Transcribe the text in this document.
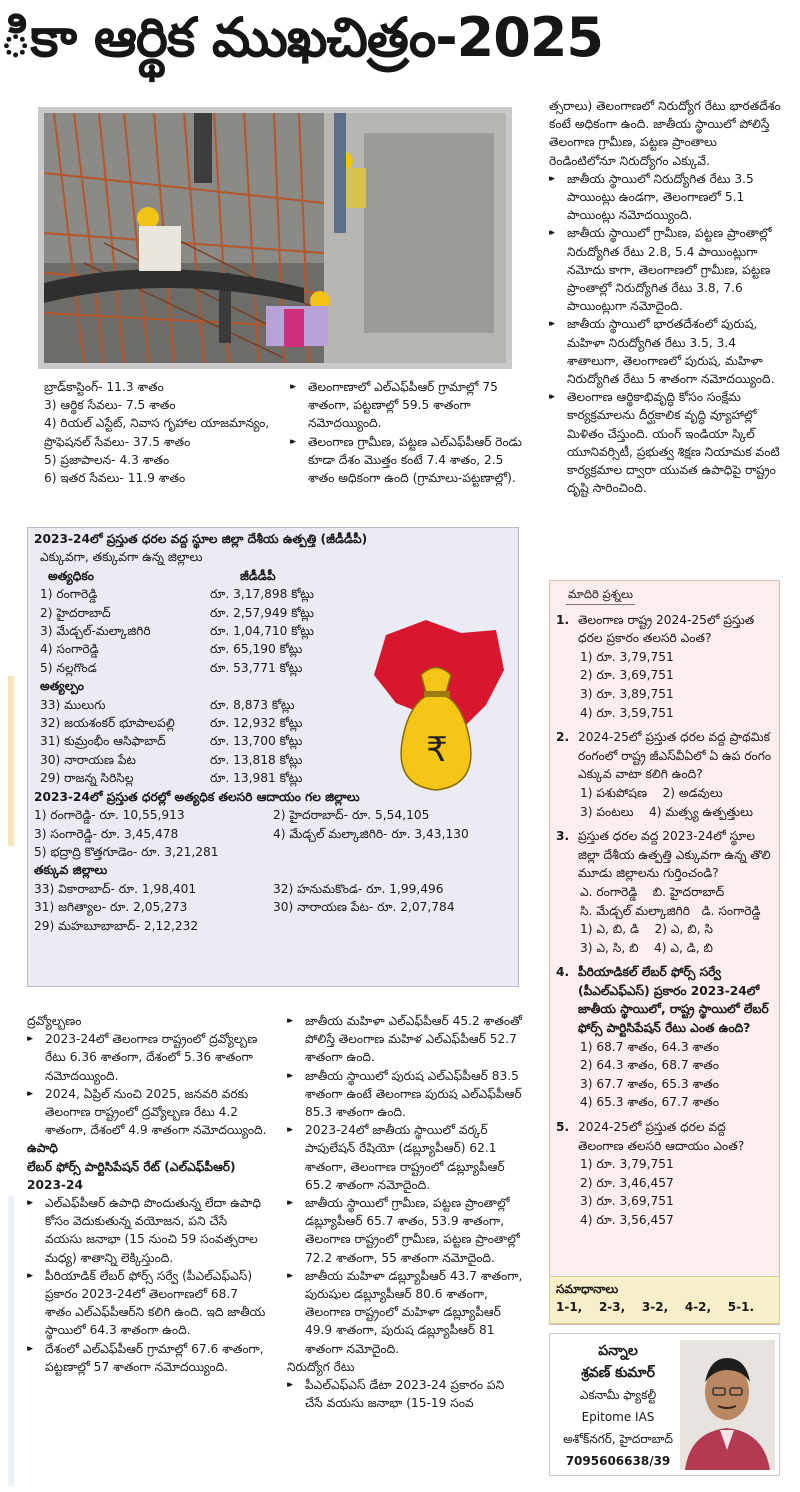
ికా ఆర్థిక ముఖచిత్రం-2025

బ్రాడ్‌కాస్టింగ్- 11.3 శాతం

3) ఆర్థిక సేవలు- 7.5 శాతం

4) రియల్ ఎస్టేట్, నివాస గృహాల యాజమాన్యం, ప్రొఫెషనల్ సేవలు- 37.5 శాతం

5) ప్రజాపాలన- 4.3 శాతం

6) ఇతర సేవలు- 11.9 శాతం

▸▸ తెలంగాణాలో ఎల్ఎఫ్‌పీఆర్ గ్రామాల్లో 75 శాతంగా, పట్టణాల్లో 59.5 శాతంగా నమోదయ్యింది.

▸▸ తెలంగాణ గ్రామీణ, పట్టణ ఎల్ఎఫ్‌పీఆర్ రెండు కూడా దేశం మొత్తం కంటే 7.4 శాతం, 2.5 శాతం అధికంగా ఉంది (గ్రామాలు-పట్టణాల్లో).

త్సరాలు) తెలంగాణలో నిరుద్యోగ రేటు భారతదేశం కంటే అధికంగా ఉంది. జాతీయ స్థాయిలో పోలిస్తే తెలంగాణ గ్రామీణ, పట్టణ ప్రాంతాలు రెండింటిలోనూ నిరుద్యోగం ఎక్కువే.

▸▸ జాతీయ స్థాయిలో నిరుద్యోగిత రేటు 3.5 పాయింట్లు ఉండగా, తెలంగాణలో 5.1 పాయింట్లు నమోదయ్యింది.

▸▸ జాతీయ స్థాయిలో గ్రామీణ, పట్టణ ప్రాంతాల్లో నిరుద్యోగిత రేటు 2.8, 5.4 పాయింట్లుగా నమోదు కాగా, తెలంగాణలో గ్రామీణ, పట్టణ ప్రాంతాల్లో నిరుద్యోగిత రేటు 3.8, 7.6 పాయింట్లుగా నమోదైంది.

▸▸ జాతీయ స్థాయిలో భారతదేశంలో పురుష, మహిళా నిరుద్యోగిత రేటు 3.5, 3.4 శాతాలుగా, తెలంగాణలో పురుష, మహిళా నిరుద్యోగిత రేటు 5 శాతంగా నమోదయ్యింది.

▸▸ తెలంగాణ ఆర్థికాభివృద్ధి కోసం సంక్షేమ కార్యక్రమాలను దీర్ఘకాలిక వృద్ధి వ్యూహాల్లో మిళితం చేస్తుంది. యంగ్ ఇండియా స్కిల్ యూనివర్సిటీ, ప్రభుత్వ శిక్షణ నియామక వంటి కార్యక్రమాల ద్వారా యువత ఉపాధిపై రాష్ట్రం దృష్టి సారించింది.

2023-24లో ప్రస్తుత ధరల వద్ద స్థూల జిల్లా దేశీయ ఉత్పత్తి (జీడీడీపీ)
ఎక్కువగా, తక్కువగా ఉన్న జిల్లాలు
అత్యధికం	జీడీడీపీ
1) రంగారెడ్డి	రూ. 3,17,898 కోట్లు
2) హైదరాబాద్	రూ. 2,57,949 కోట్లు
3) మేడ్చల్-మల్కాజిగిరి	రూ. 1,04,710 కోట్లు
4) సంగారెడ్డి	రూ. 65,190 కోట్లు
5) నల్లగొండ	రూ. 53,771 కోట్లు
అత్యల్పం
33) ములుగు	రూ. 8,873 కోట్లు
32) జయశంకర్ భూపాలపల్లి	రూ. 12,932 కోట్లు
31) కుమ్రంభీం ఆసిఫాబాద్	రూ. 13,700 కోట్లు
30) నారాయణ పేట	రూ. 13,818 కోట్లు
29) రాజన్న సిరిసిల్ల	రూ. 13,981 కోట్లు
2023-24లో ప్రస్తుత ధరల్లో అత్యధిక తలసరి ఆదాయం గల జిల్లాలు
1) రంగారెడ్డి- రూ. 10,55,913	2) హైదరాబాద్- రూ. 5,54,105
3) సంగారెడ్డి- రూ. 3,45,478	4) మేడ్చల్ మల్కాజిగిరి- రూ. 3,43,130
5) భద్రాద్రి కొత్తగూడెం- రూ. 3,21,281
తక్కువ జిల్లాలు
33) వికారాబాద్- రూ. 1,98,401	32) హనుమకొండ- రూ. 1,99,496
31) జగిత్యాల- రూ. 2,05,273	30) నారాయణ పేట- రూ. 2,07,784
29) మహబూబాబాద్- 2,12,232
₹

ద్రవ్యోల్బణం

▸▸ 2023-24లో తెలంగాణ రాష్ట్రంలో ద్రవ్యోల్బణ రేటు 6.36 శాతంగా, దేశంలో 5.36 శాతంగా నమోదయ్యింది.

▸▸ 2024, ఏప్రిల్ నుంచి 2025, జనవరి వరకు తెలంగాణ రాష్ట్రంలో ద్రవ్యోల్బణ రేటు 4.2 శాతంగా, దేశంలో 4.9 శాతంగా నమోదయ్యింది.

ఉపాధి

లేబర్ ఫోర్స్ పార్టిసిపేషన్ రేట్ (ఎల్ఎఫ్‌పీఆర్) 2023-24

▸▸ ఎల్ఎఫ్‌పీఆర్ ఉపాధి పొందుతున్న లేదా ఉపాధి కోసం వెదుకుతున్న వయోజన, పని చేసే వయసు జనాభా (15 నుంచి 59 సంవత్సరాల మధ్య) శాతాన్ని లెక్కిస్తుంది.

▸▸ పీరియాడిక్ లేబర్ ఫోర్స్ సర్వే (పీఎల్ఎఫ్ఎస్) ప్రకారం 2023-24లో తెలంగాణలో 68.7 శాతం ఎల్ఎఫ్‌పీఆర్‌ని కలిగి ఉంది. ఇది జాతీయ స్థాయిలో 64.3 శాతంగా ఉంది.

▸▸ దేశంలో ఎల్ఎఫ్‌పీఆర్ గ్రామాల్లో 67.6 శాతంగా, పట్టణాల్లో 57 శాతంగా నమోదయ్యింది.

▸▸ జాతీయ మహిళా ఎల్ఎఫ్‌పీఆర్ 45.2 శాతంతో పోలిస్తే తెలంగాణ మహిళ ఎల్ఎఫ్‌పీఆర్ 52.7 శాతంగా ఉంది.

▸▸ జాతీయ స్థాయిలో పురుష ఎల్ఎఫ్‌పీఆర్ 83.5 శాతంగా ఉంటే తెలంగాణ పురుష ఎల్ఎఫ్‌పీఆర్ 85.3 శాతంగా ఉంది.

▸▸ 2023-24లో జాతీయ స్థాయిలో వర్కర్ పాపులేషన్ రేషియో (డబ్ల్యూపీఆర్) 62.1 శాతంగా, తెలంగాణ రాష్ట్రంలో డబ్ల్యూపీఆర్ 65.2 శాతంగా నమోదైంది.

▸▸ జాతీయ స్థాయిలో గ్రామీణ, పట్టణ ప్రాంతాల్లో డబ్ల్యూపీఆర్ 65.7 శాతం, 53.9 శాతంగా, తెలంగాణ రాష్ట్రంలో గ్రామీణ, పట్టణ ప్రాంతాల్లో 72.2 శాతంగా, 55 శాతంగా నమోదైంది.

▸▸ జాతీయ మహిళా డబ్ల్యూపీఆర్ 43.7 శాతంగా, పురుషుల డబ్ల్యూపీఆర్ 80.6 శాతంగా, తెలంగాణ రాష్ట్రంలో మహిళా డబ్ల్యూపీఆర్ 49.9 శాతంగా, పురుష డబ్ల్యూపీఆర్ 81 శాతంగా నమోదైంది.

నిరుద్యోగ రేటు

▸▸ పీఎల్ఎఫ్ఎస్ డేటా 2023-24 ప్రకారం పని చేసే వయసు జనాభా (15-19 సంవ

మాదిరి ప్రశ్నలు
1. తెలంగాణ రాష్ట్ర 2024-25లో ప్రస్తుత ధరల ప్రకారం తలసరి ఎంత?
1) రూ. 3,79,751
2) రూ. 3,69,751
3) రూ. 3,89,751
4) రూ. 3,59,751
2. 2024-25లో ప్రస్తుత ధరల వద్ద ప్రాథమిక రంగంలో రాష్ట్ర జీఎస్‌వీఏలో ఏ ఉప రంగం ఎక్కువ వాటా కలిగి ఉంది?
1) పశుపోషణ    2) అడవులు
3) పంటలు    4) మత్స్య ఉత్పత్తులు
3. ప్రస్తుత ధరల వద్ద 2023-24లో స్థూల జిల్లా దేశీయ ఉత్పత్తి ఎక్కువగా ఉన్న తొలి మూడు జిల్లాలను గుర్తించండి?
ఎ. రంగారెడ్డి    బి. హైదరాబాద్
సి. మేడ్చల్ మల్కాజిగిరి   డి. సంగారెడ్డి
1) ఎ, బి, డి    2) ఎ, బి, సి
3) ఎ, సి, బి    4) ఎ, డి, బి
4. పీరియాడికల్ లేబర్ ఫోర్స్ సర్వే (పీఎల్ఎఫ్ఎస్) ప్రకారం 2023-24లో జాతీయ స్థాయిలో, రాష్ట్ర స్థాయిలో లేబర్ ఫోర్స్ పార్టిసిపేషన్ రేటు ఎంత ఉంది?
1) 68.7 శాతం, 64.3 శాతం
2) 64.3 శాతం, 68.7 శాతం
3) 67.7 శాతం, 65.3 శాతం
4) 65.3 శాతం, 67.7 శాతం
5. 2024-25లో ప్రస్తుత ధరల వద్ద తెలంగాణ తలసరి ఆదాయం ఎంత?
1) రూ. 3,79,751
2) రూ. 3,46,457
3) రూ. 3,69,751
4) రూ. 3,56,457
సమాధానాలు
1-1,    2-3,    3-2,    4-2,    5-1.
పన్నాల
శ్రవణ్ కుమార్
ఎకనామీ ఫ్యాకల్టీ
Epitome IAS
అశోక్‌నగర్, హైదరాబాద్
7095606638/39
